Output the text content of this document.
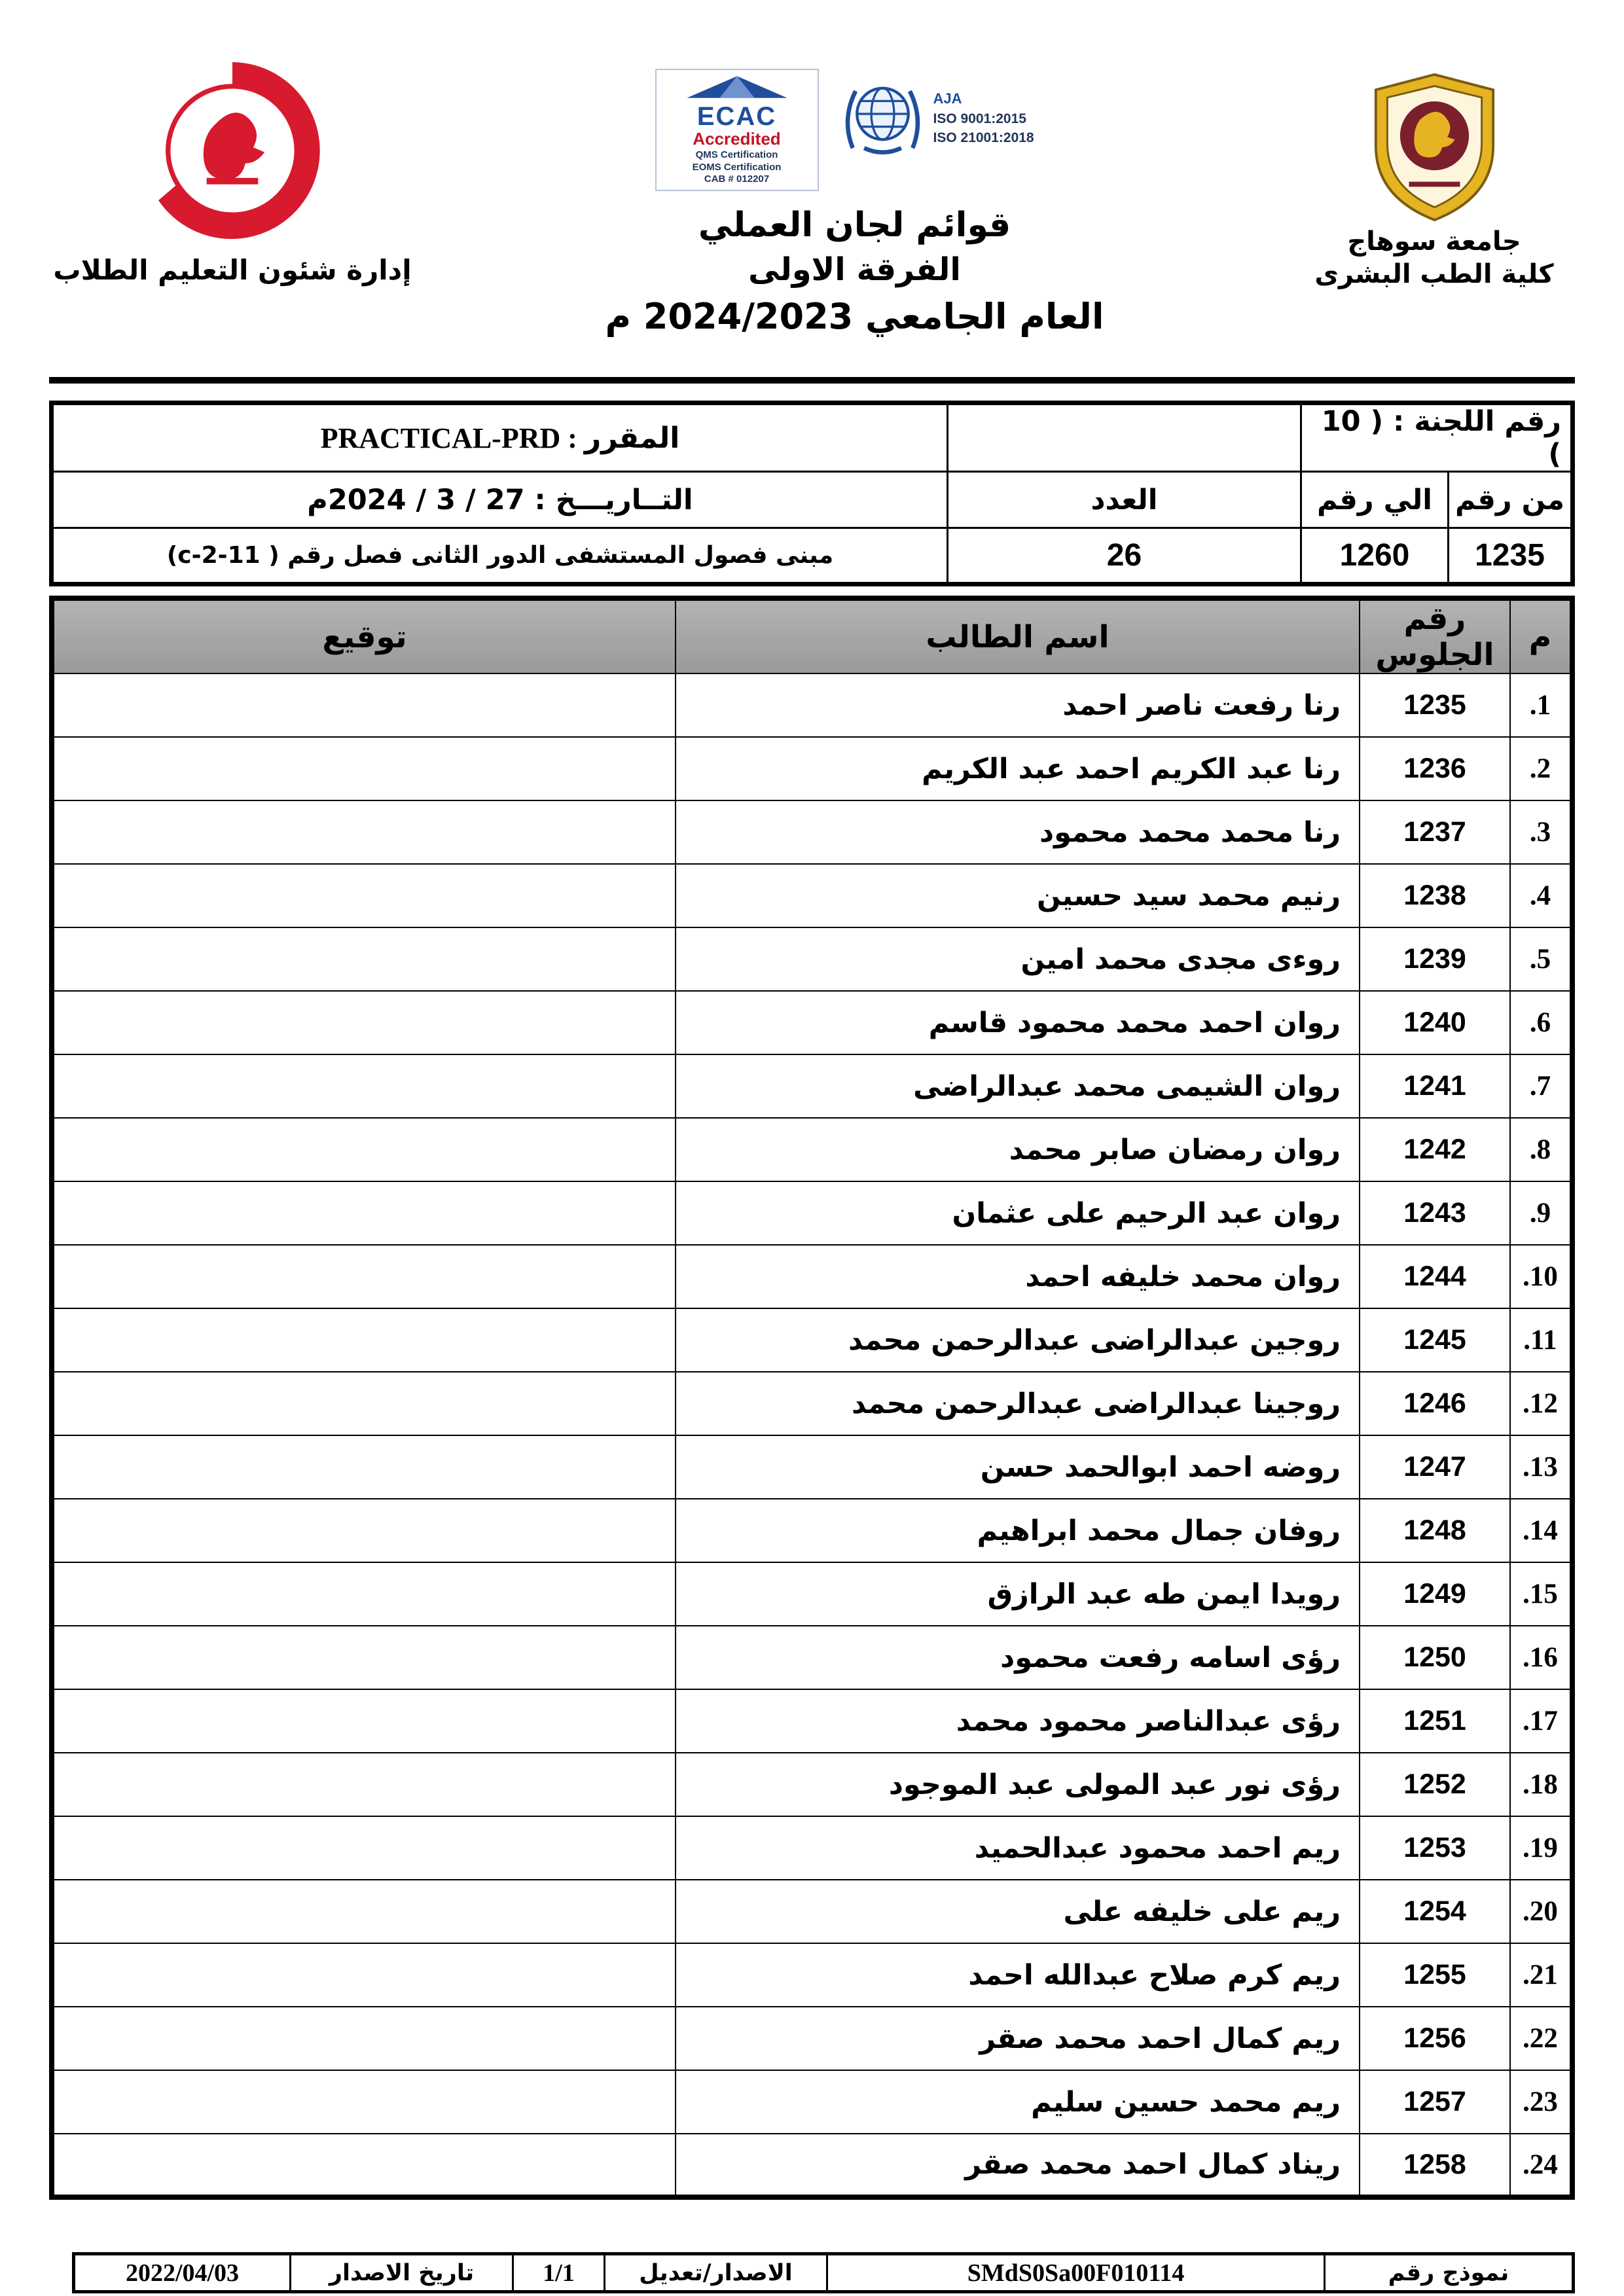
إدارة شئون التعليم الطلاب
ECAC
Accredited
QMS Certification
EOMS Certification
CAB # 012207
AJA
ISO 9001:2015
ISO 21001:2018
قوائم لجان العملي
الفرقة الاولى
العام الجامعي 2024/2023 م
جامعة سوهاج
كلية الطب البشرى
رقم اللجنة : ( 10 )			المقرر : PRACTICAL-PRD
من رقم	الي رقم	العدد	التــاريـــخ : 27 / 3 / 2024م
1235	1260	26	مبنى فصول المستشفى الدور الثانى فصل رقم ( 11-2-c)
م	رقم الجلوس	اسم الطالب	توقيع
1.	1235	رنا رفعت ناصر احمد	
2.	1236	رنا عبد الكريم احمد عبد الكريم	
3.	1237	رنا محمد محمد محمود	
4.	1238	رنيم محمد سيد حسين	
5.	1239	روءى مجدى محمد امين	
6.	1240	روان احمد محمد محمود قاسم	
7.	1241	روان الشيمى محمد عبدالراضى	
8.	1242	روان رمضان صابر محمد	
9.	1243	روان عبد الرحيم على عثمان	
10.	1244	روان محمد خليفه احمد	
11.	1245	روجين عبدالراضى عبدالرحمن محمد	
12.	1246	روجينا عبدالراضى عبدالرحمن محمد	
13.	1247	روضه احمد ابوالحمد حسن	
14.	1248	روفان جمال محمد ابراهيم	
15.	1249	رويدا ايمن طه عبد الرازق	
16.	1250	رؤى اسامه رفعت محمود	
17.	1251	رؤى عبدالناصر محمود محمد	
18.	1252	رؤى نور عبد المولى عبد الموجود	
19.	1253	ريم احمد محمود عبدالحميد	
20.	1254	ريم على خليفه على	
21.	1255	ريم كرم صلاح عبدالله احمد	
22.	1256	ريم كمال احمد محمد صقر	
23.	1257	ريم محمد حسين سليم	
24.	1258	ريناد كمال احمد محمد صقر	
نموذج رقم	SMdS0Sa00F010114	الاصدار/تعديل	1/1	تاريخ الاصدار	2022/04/03
